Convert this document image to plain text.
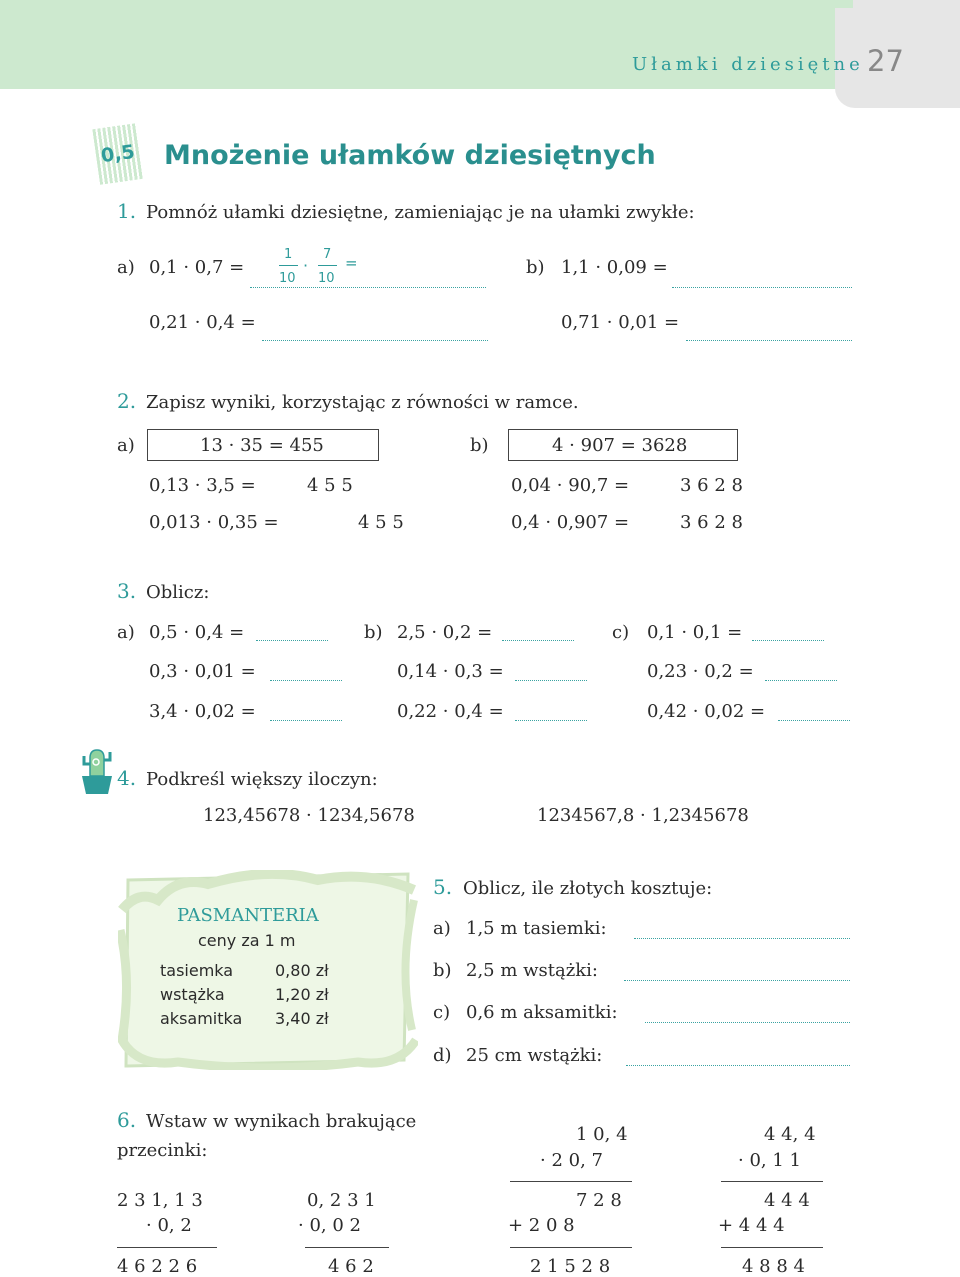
Ułamki dziesiętne 27
0,5 Mnożenie ułamków dziesiętnych
1. Pomnóż ułamki dziesiętne, zamieniając je na ułamki zwykłe:
a) 0,1 · 0,7 =
1
10
·
7
10
=
0,21 · 0,4 =
b) 1,1 · 0,09 =
0,71 · 0,01 =
2. Zapisz wyniki, korzystając z równości w ramce.
a)	13 · 35 = 455
0,13 · 3,5 =	4 5 5
0,013 · 0,35 =	4 5 5
b)	4 · 907 = 3628
0,04 · 90,7 =	3 6 2 8
0,4 · 0,907 =	3 6 2 8
3. Oblicz:
a) 0,5 · 0,4 =
0,3 · 0,01 =
3,4 · 0,02 =
b) 2,5 · 0,2 =
0,14 · 0,3 =
0,22 · 0,4 =
c) 0,1 · 0,1 =
0,23 · 0,2 =
0,42 · 0,02 =
4. Podkreśl większy iloczyn:
123,45678 · 1234,5678	1234567,8 · 1,2345678
PASMANTERIA
ceny za 1 m
tasiemka	0,80 zł
wstążka	1,20 zł
aksamitka 3,40 zł
5. Oblicz, ile złotych kosztuje:
a) 1,5 m tasiemki:
b) 2,5 m wstążki:
c) 0,6 m aksamitki:
d) 25 cm wstążki:
6. Wstaw w wynikach brakujące
przecinki:
2 3 1, 1 3
· 0, 2
4 6 2 2 6
0, 2 3 1
· 0, 0 2
4 6 2
1 0, 4
· 2 0, 7
7 2 8
+ 2 0 8
2 1 5 2 8
4 4, 4
· 0, 1 1
4 4 4
+ 4 4 4
4 8 8 4
